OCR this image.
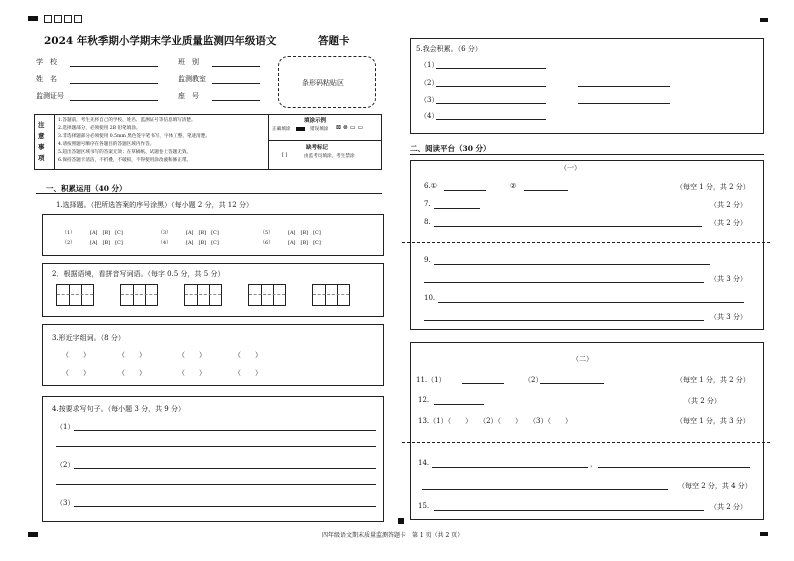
2024 年秋季期小学期末学业质量监测四年级语文	答题卡
学　校	班　别
姓　名	监测教室
监测证号	座　号
条形码粘贴区
注
意
事
项
1.答题前，考生先将自己的学校、姓名、监测证号等信息填写清楚。
2.选择题部分，必须使用 2B 铅笔填涂。
3.非选择题部分必须使用 0.5mm 黑色签字笔书写，字体工整、笔迹清楚。
4.请按照题号顺序在各题目的答题区域内作答。
5.超出答题区域书写的答案无效；在草稿纸、试题卷上答题无效。
6.保持答题卡清洁，不折叠，不破损，不得使用涂改液和修正带。
填涂示例
正确填涂	错误填涂 ⊠ ⊗ ▭ ▭
缺考标记
[ ]	由监考员填涂，考生禁涂
一、积累运用（40 分）
1.选择题。（把所选答案的序号涂黑）（每小题 2 分，共 12 分）
（1）	[A]　[B]　[C]	（3）	[A]　[B]　[C]	（5）	[A]　[B]　[C]
（2）	[A]　[B]　[C]	（4）	[A]　[B]　[C]	（6）	[A]　[B]　[C]
2．根据语境，看拼音写词语。（每字 0.5 分，共 5 分）
3.形近字组词。（8 分）
（　　）	（　　）	（　　）	（　　）
（　　）	（　　）	（　　）	（　　）
4.按要求写句子。（每小题 3 分，共 9 分）
（1）
（2）
（3）
5.我会积累。（6 分）
（1）
（2）
（3）
（4）
二、阅读平台（30 分）
（一）
6.①	②	（每空 1 分，共 2 分）
7.	（共 2 分）
8.	（共 2 分）
9.
（共 3 分）
10.
（共 3 分）
（二）
11.（1）	（2）	（每空 1 分，共 2 分）
12.	（共 2 分）
13.（1）（　　）　　（2）（　　）　　（3）（　　）	（每空 1 分，共 3 分）
14.	，
（每空 2 分，共 4 分）
15.	（共 2 分）
四年级语文期末质量监测答题卡　第 1 页（共 2 页）
